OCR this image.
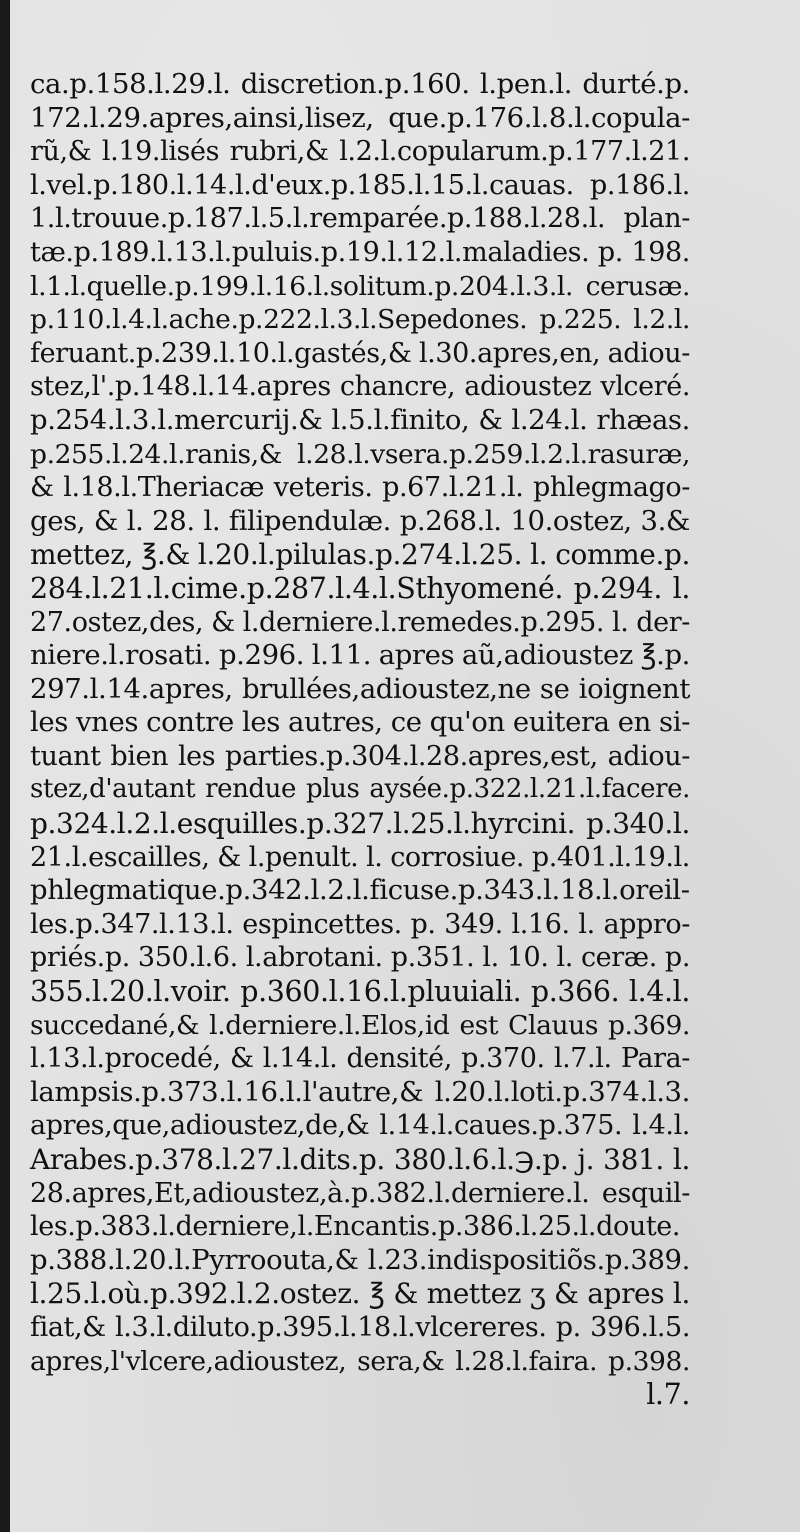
ca.p.158.l.29.l. discretion.p.160. l.pen.l. durté.p.
172.l.29.apres,ainsi,lisez, que.p.176.l.8.l.copula-
rũ,& l.19.lisés rubri,& l.2.l.copularum.p.177.l.21.
l.vel.p.180.l.14.l.d'eux.p.185.l.15.l.cauas. p.186.l.
1.l.trouue.p.187.l.5.l.remparée.p.188.l.28.l. plan-
tæ.p.189.l.13.l.puluis.p.19.l.12.l.maladies. p. 198.
l.1.l.quelle.p.199.l.16.l.solitum.p.204.l.3.l. cerusæ.
p.110.l.4.l.ache.p.222.l.3.l.Sepedones. p.225. l.2.l.
feruant.p.239.l.10.l.gastés,& l.30.apres,en, adiou-
stez,l'.p.148.l.14.apres chancre, adioustez vlceré.
p.254.l.3.l.mercurij.& l.5.l.finito, & l.24.l. rhæas.
p.255.l.24.l.ranis,& l.28.l.vsera.p.259.l.2.l.rasuræ,
& l.18.l.Theriacæ veteris. p.67.l.21.l. phlegmago-
ges, & l. 28. l. filipendulæ. p.268.l. 10.ostez, 3.&
mettez, ℥.& l.20.l.pilulas.p.274.l.25. l. comme.p.
284.l.21.l.cime.p.287.l.4.l.Sthyomené. p.294. l.
27.ostez,des, & l.derniere.l.remedes.p.295. l. der-
niere.l.rosati. p.296. l.11. apres aũ,adioustez ℥.p.
297.l.14.apres, brullées,adioustez,ne se ioignent
les vnes contre les autres, ce qu'on euitera en si-
tuant bien les parties.p.304.l.28.apres,est, adiou-
stez,d'autant rendue plus aysée.p.322.l.21.l.facere.
p.324.l.2.l.esquilles.p.327.l.25.l.hyrcini. p.340.l.
21.l.escailles, & l.penult. l. corrosiue. p.401.l.19.l.
phlegmatique.p.342.l.2.l.ficuse.p.343.l.18.l.oreil-
les.p.347.l.13.l. espincettes. p. 349. l.16. l. appro-
priés.p. 350.l.6. l.abrotani. p.351. l. 10. l. ceræ. p.
355.l.20.l.voir. p.360.l.16.l.pluuiali. p.366. l.4.l.
succedané,& l.derniere.l.Elos,id est Clauus p.369.
l.13.l.procedé, & l.14.l. densité, p.370. l.7.l. Para-
lampsis.p.373.l.16.l.l'autre,& l.20.l.loti.p.374.l.3.
apres,que,adioustez,de,& l.14.l.caues.p.375. l.4.l.
Arabes.p.378.l.27.l.dits.p. 380.l.6.l.℈.p. j. 381. l.
28.apres,Et,adioustez,à.p.382.l.derniere.l. esquil-
les.p.383.l.derniere,l.Encantis.p.386.l.25.l.doute.
p.388.l.20.l.Pyrroouta,& l.23.indispositiõs.p.389.
l.25.l.où.p.392.l.2.ostez. ℥ & mettez ʒ & apres l.
fiat,& l.3.l.diluto.p.395.l.18.l.vlcereres. p. 396.l.5.
apres,l'vlcere,adioustez, sera,& l.28.l.faira. p.398.
l.7.
